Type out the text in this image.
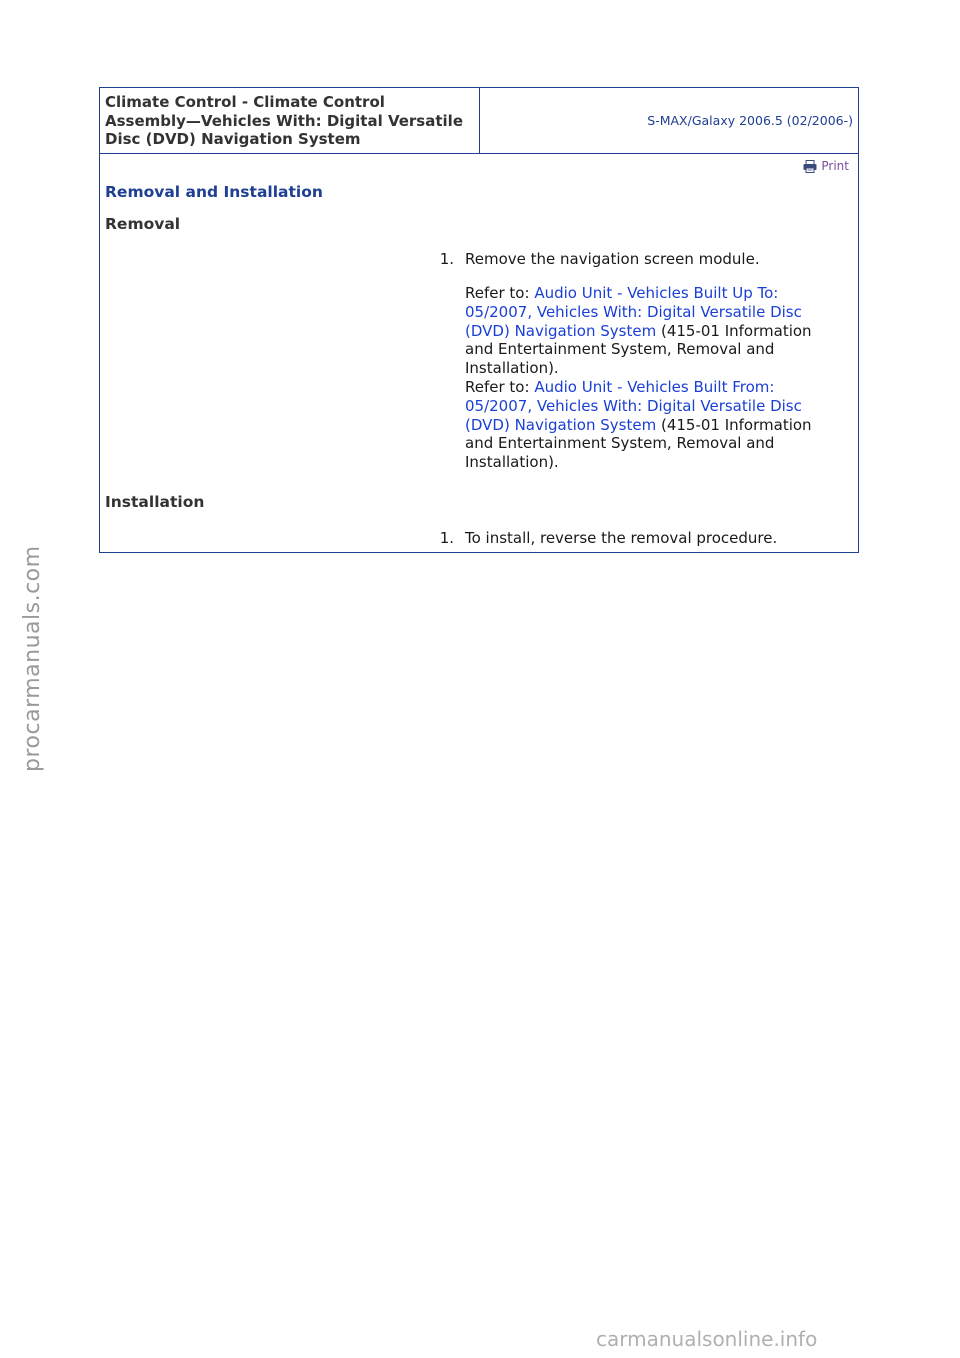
Climate Control - Climate Control
Assembly—Vehicles With: Digital Versatile
Disc (DVD) Navigation System
S-MAX/Galaxy 2006.5 (02/2006-)
Print
Removal and Installation
Removal
1. Remove the navigation screen module.
Refer to: Audio Unit - Vehicles Built Up To:
05/2007, Vehicles With: Digital Versatile Disc
(DVD) Navigation System (415-01 Information
and Entertainment System, Removal and
Installation).
Refer to: Audio Unit - Vehicles Built From:
05/2007, Vehicles With: Digital Versatile Disc
(DVD) Navigation System (415-01 Information
and Entertainment System, Removal and
Installation).
Installation
1. To install, reverse the removal procedure.
procarmanuals.com
carmanualsonline.info
